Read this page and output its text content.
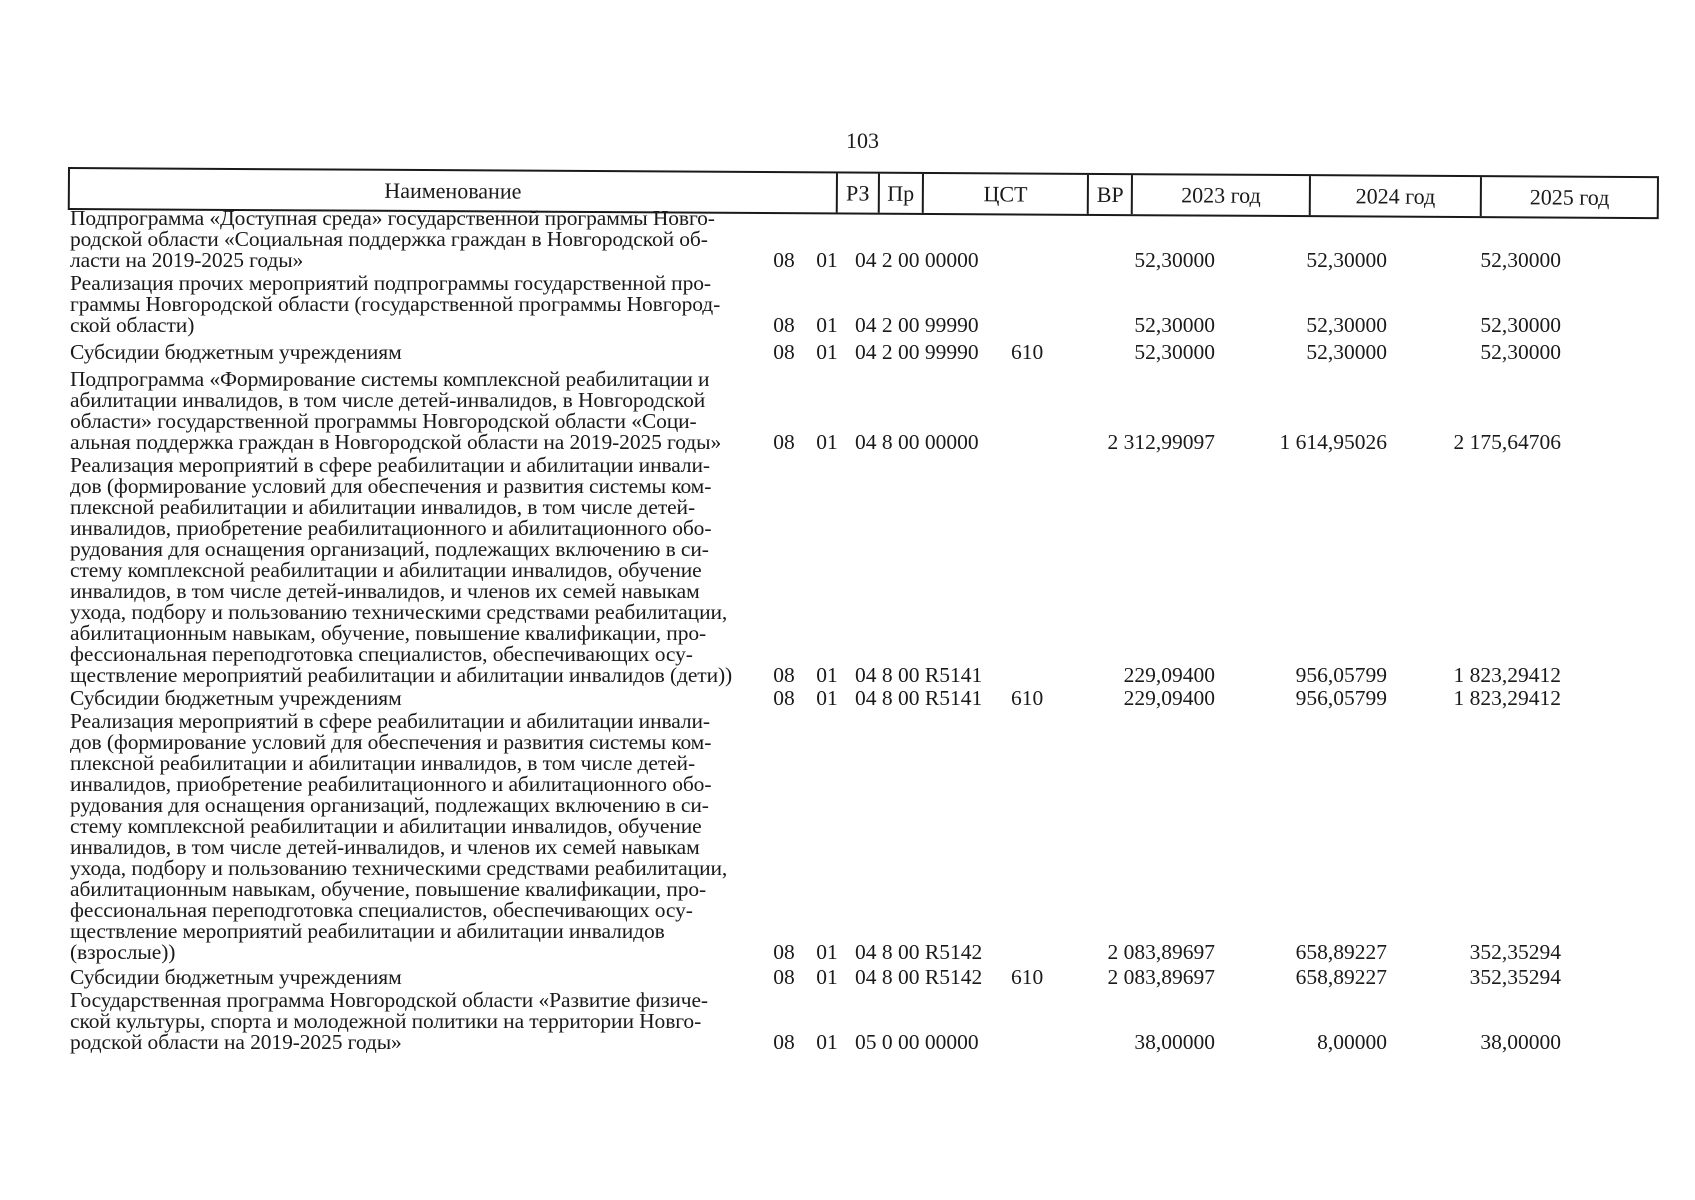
103
Наименование	РЗ Пр	ЦСТ	ВР	2023 год	2024 год	2025 год
Подпрограмма «Доступная среда» государственной программы Новго-
родской области «Социальная поддержка граждан в Новгородской об-
ласти на 2019-2025 годы»	08	01 04 2 00 00000	52,30000	52,30000	52,30000
Реализация прочих мероприятий подпрограммы государственной про-
граммы Новгородской области (государственной программы Новгород-
ской области)	08	01 04 2 00 99990	52,30000	52,30000	52,30000
Субсидии бюджетным учреждениям	08	01 04 2 00 99990	610	52,30000	52,30000	52,30000
Подпрограмма «Формирование системы комплексной реабилитации и
абилитации инвалидов, в том числе детей-инвалидов, в Новгородской
области» государственной программы Новгородской области «Соци-
альная поддержка граждан в Новгородской области на 2019-2025 годы»	08	01 04 8 00 00000	2 312,99097	1 614,95026	2 175,64706
Реализация мероприятий в сфере реабилитации и абилитации инвали-
дов (формирование условий для обеспечения и развития системы ком-
плексной реабилитации и абилитации инвалидов, в том числе детей-
инвалидов, приобретение реабилитационного и абилитационного обо-
рудования для оснащения организаций, подлежащих включению в си-
стему комплексной реабилитации и абилитации инвалидов, обучение
инвалидов, в том числе детей-инвалидов, и членов их семей навыкам
ухода, подбору и пользованию техническими средствами реабилитации,
абилитационным навыкам, обучение, повышение квалификации, про-
фессиональная переподготовка специалистов, обеспечивающих осу-
ществление мероприятий реабилитации и абилитации инвалидов (дети))	08	01 04 8 00 R5141	229,09400	956,05799	1 823,29412
Субсидии бюджетным учреждениям	08	01 04 8 00 R5141	610	229,09400	956,05799	1 823,29412
Реализация мероприятий в сфере реабилитации и абилитации инвали-
дов (формирование условий для обеспечения и развития системы ком-
плексной реабилитации и абилитации инвалидов, в том числе детей-
инвалидов, приобретение реабилитационного и абилитационного обо-
рудования для оснащения организаций, подлежащих включению в си-
стему комплексной реабилитации и абилитации инвалидов, обучение
инвалидов, в том числе детей-инвалидов, и членов их семей навыкам
ухода, подбору и пользованию техническими средствами реабилитации,
абилитационным навыкам, обучение, повышение квалификации, про-
фессиональная переподготовка специалистов, обеспечивающих осу-
ществление мероприятий реабилитации и абилитации инвалидов
(взрослые))	08	01 04 8 00 R5142	2 083,89697	658,89227	352,35294
Субсидии бюджетным учреждениям	08	01 04 8 00 R5142	610	2 083,89697	658,89227	352,35294
Государственная программа Новгородской области «Развитие физиче-
ской культуры, спорта и молодежной политики на территории Новго-
родской области на 2019-2025 годы»	08	01 05 0 00 00000	38,00000	8,00000	38,00000
